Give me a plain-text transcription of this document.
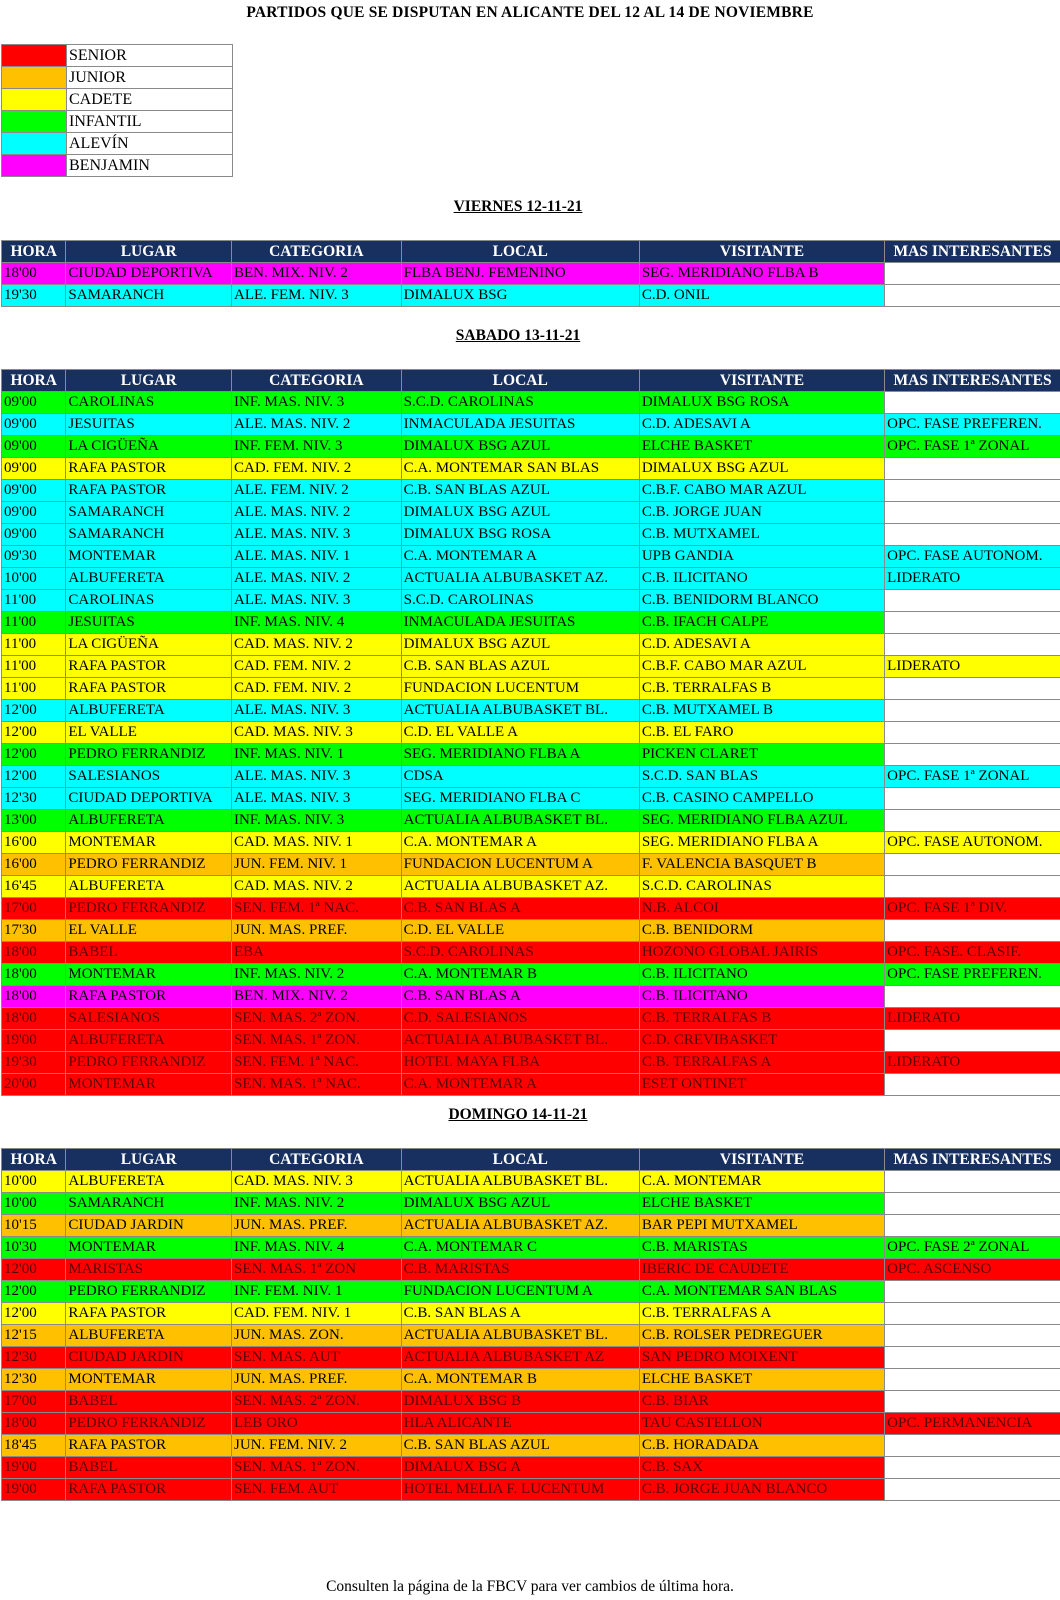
PARTIDOS QUE SE DISPUTAN EN ALICANTE DEL 12 AL 14 DE NOVIEMBRE
	SENIOR
	JUNIOR
	CADETE
	INFANTIL
	ALEVÍN
	BENJAMIN
VIERNES 12-11-21
HORA	LUGAR	CATEGORIA	LOCAL	VISITANTE	MAS INTERESANTES
18'00	CIUDAD DEPORTIVA	BEN. MIX. NIV. 2	FLBA BENJ. FEMENINO	SEG. MERIDIANO FLBA B	
19'30	SAMARANCH	ALE. FEM. NIV. 3	DIMALUX BSG	C.D. ONIL	
SABADO 13-11-21
HORA	LUGAR	CATEGORIA	LOCAL	VISITANTE	MAS INTERESANTES
09'00	CAROLINAS	INF. MAS. NIV. 3	S.C.D. CAROLINAS	DIMALUX BSG ROSA	
09'00	JESUITAS	ALE. MAS. NIV. 2	INMACULADA JESUITAS	C.D. ADESAVI A	OPC. FASE PREFEREN.
09'00	LA CIGÜEÑA	INF. FEM. NIV. 3	DIMALUX BSG AZUL	ELCHE BASKET	OPC. FASE 1ª ZONAL
09'00	RAFA PASTOR	CAD. FEM. NIV. 2	C.A. MONTEMAR SAN BLAS	DIMALUX BSG AZUL	
09'00	RAFA PASTOR	ALE. FEM. NIV. 2	C.B. SAN BLAS AZUL	C.B.F. CABO MAR AZUL	
09'00	SAMARANCH	ALE. MAS. NIV. 2	DIMALUX BSG AZUL	C.B. JORGE JUAN	
09'00	SAMARANCH	ALE. MAS. NIV. 3	DIMALUX BSG ROSA	C.B. MUTXAMEL	
09'30	MONTEMAR	ALE. MAS. NIV. 1	C.A. MONTEMAR A	UPB GANDIA	OPC. FASE AUTONOM.
10'00	ALBUFERETA	ALE. MAS. NIV. 2	ACTUALIA ALBUBASKET AZ.	C.B. ILICITANO	LIDERATO
11'00	CAROLINAS	ALE. MAS. NIV. 3	S.C.D. CAROLINAS	C.B. BENIDORM BLANCO	
11'00	JESUITAS	INF. MAS. NIV. 4	INMACULADA JESUITAS	C.B. IFACH CALPE	
11'00	LA CIGÜEÑA	CAD. MAS. NIV. 2	DIMALUX BSG AZUL	C.D. ADESAVI A	
11'00	RAFA PASTOR	CAD. FEM. NIV. 2	C.B. SAN BLAS AZUL	C.B.F. CABO MAR AZUL	LIDERATO
11'00	RAFA PASTOR	CAD. FEM. NIV. 2	FUNDACION LUCENTUM	C.B. TERRALFAS B	
12'00	ALBUFERETA	ALE. MAS. NIV. 3	ACTUALIA ALBUBASKET BL.	C.B. MUTXAMEL B	
12'00	EL VALLE	CAD. MAS. NIV. 3	C.D. EL VALLE A	C.B. EL FARO	
12'00	PEDRO FERRANDIZ	INF. MAS. NIV. 1	SEG. MERIDIANO FLBA A	PICKEN CLARET	
12'00	SALESIANOS	ALE. MAS. NIV. 3	CDSA	S.C.D. SAN BLAS	OPC. FASE 1ª ZONAL
12'30	CIUDAD DEPORTIVA	ALE. MAS. NIV. 3	SEG. MERIDIANO FLBA C	C.B. CASINO CAMPELLO	
13'00	ALBUFERETA	INF. MAS. NIV. 3	ACTUALIA ALBUBASKET BL.	SEG. MERIDIANO FLBA AZUL	
16'00	MONTEMAR	CAD. MAS. NIV. 1	C.A. MONTEMAR A	SEG. MERIDIANO FLBA A	OPC. FASE AUTONOM.
16'00	PEDRO FERRANDIZ	JUN. FEM. NIV. 1	FUNDACION LUCENTUM A	F. VALENCIA BASQUET B	
16'45	ALBUFERETA	CAD. MAS. NIV. 2	ACTUALIA ALBUBASKET AZ.	S.C.D. CAROLINAS	
17'00	PEDRO FERRANDIZ	SEN. FEM. 1ª NAC.	C.B. SAN BLAS A	N.B. ALCOI	OPC. FASE 1ª DIV.
17'30	EL VALLE	JUN. MAS. PREF.	C.D. EL VALLE	C.B. BENIDORM	
18'00	BABEL	EBA	S.C.D. CAROLINAS	HOZONO GLOBAL JAIRIS	OPC. FASE. CLASIF.
18'00	MONTEMAR	INF. MAS. NIV. 2	C.A. MONTEMAR B	C.B. ILICITANO	OPC. FASE PREFEREN.
18'00	RAFA PASTOR	BEN. MIX. NIV. 2	C.B. SAN BLAS A	C.B. ILICITANO	
18'00	SALESIANOS	SEN. MAS. 2ª ZON.	C.D. SALESIANOS	C.B. TERRALFAS B	LIDERATO
19'00	ALBUFERETA	SEN. MAS. 1ª ZON.	ACTUALIA ALBUBASKET BL.	C.D. CREVIBASKET	
19'30	PEDRO FERRANDIZ	SEN. FEM. 1ª NAC.	HOTEL MAYA FLBA	C.B. TERRALFAS A	LIDERATO
20'00	MONTEMAR	SEN. MAS. 1ª NAC.	C.A. MONTEMAR A	ESET ONTINET	
DOMINGO 14-11-21
HORA	LUGAR	CATEGORIA	LOCAL	VISITANTE	MAS INTERESANTES
10'00	ALBUFERETA	CAD. MAS. NIV. 3	ACTUALIA ALBUBASKET BL.	C.A. MONTEMAR	
10'00	SAMARANCH	INF. MAS. NIV. 2	DIMALUX BSG AZUL	ELCHE BASKET	
10'15	CIUDAD JARDIN	JUN. MAS. PREF.	ACTUALIA ALBUBASKET AZ.	BAR PEPI MUTXAMEL	
10'30	MONTEMAR	INF. MAS. NIV. 4	C.A. MONTEMAR C	C.B. MARISTAS	OPC. FASE 2ª ZONAL
12'00	MARISTAS	SEN. MAS. 1ª ZON	C.B. MARISTAS	IBERIC DE CAUDETE	OPC. ASCENSO
12'00	PEDRO FERRANDIZ	INF. FEM. NIV. 1	FUNDACION LUCENTUM A	C.A. MONTEMAR SAN BLAS	
12'00	RAFA PASTOR	CAD. FEM. NIV. 1	C.B. SAN BLAS A	C.B. TERRALFAS A	
12'15	ALBUFERETA	JUN. MAS. ZON.	ACTUALIA ALBUBASKET BL.	C.B. ROLSER PEDREGUER	
12'30	CIUDAD JARDIN	SEN. MAS. AUT	ACTUALIA ALBUBASKET AZ	SAN PEDRO MOIXENT	
12'30	MONTEMAR	JUN. MAS. PREF.	C.A. MONTEMAR B	ELCHE BASKET	
17'00	BABEL	SEN. MAS. 2ª ZON.	DIMALUX BSG B	C.B. BIAR	
18'00	PEDRO FERRANDIZ	LEB ORO	HLA ALICANTE	TAU CASTELLON	OPC. PERMANENCIA
18'45	RAFA PASTOR	JUN. FEM. NIV. 2	C.B. SAN BLAS AZUL	C.B. HORADADA	
19'00	BABEL	SEN. MAS. 1ª ZON.	DIMALUX BSG A	C.B. SAX	
19'00	RAFA PASTOR	SEN. FEM. AUT	HOTEL MELIA F. LUCENTUM	C.B. JORGE JUAN BLANCO	
Consulten la página de la FBCV para ver cambios de última hora.
